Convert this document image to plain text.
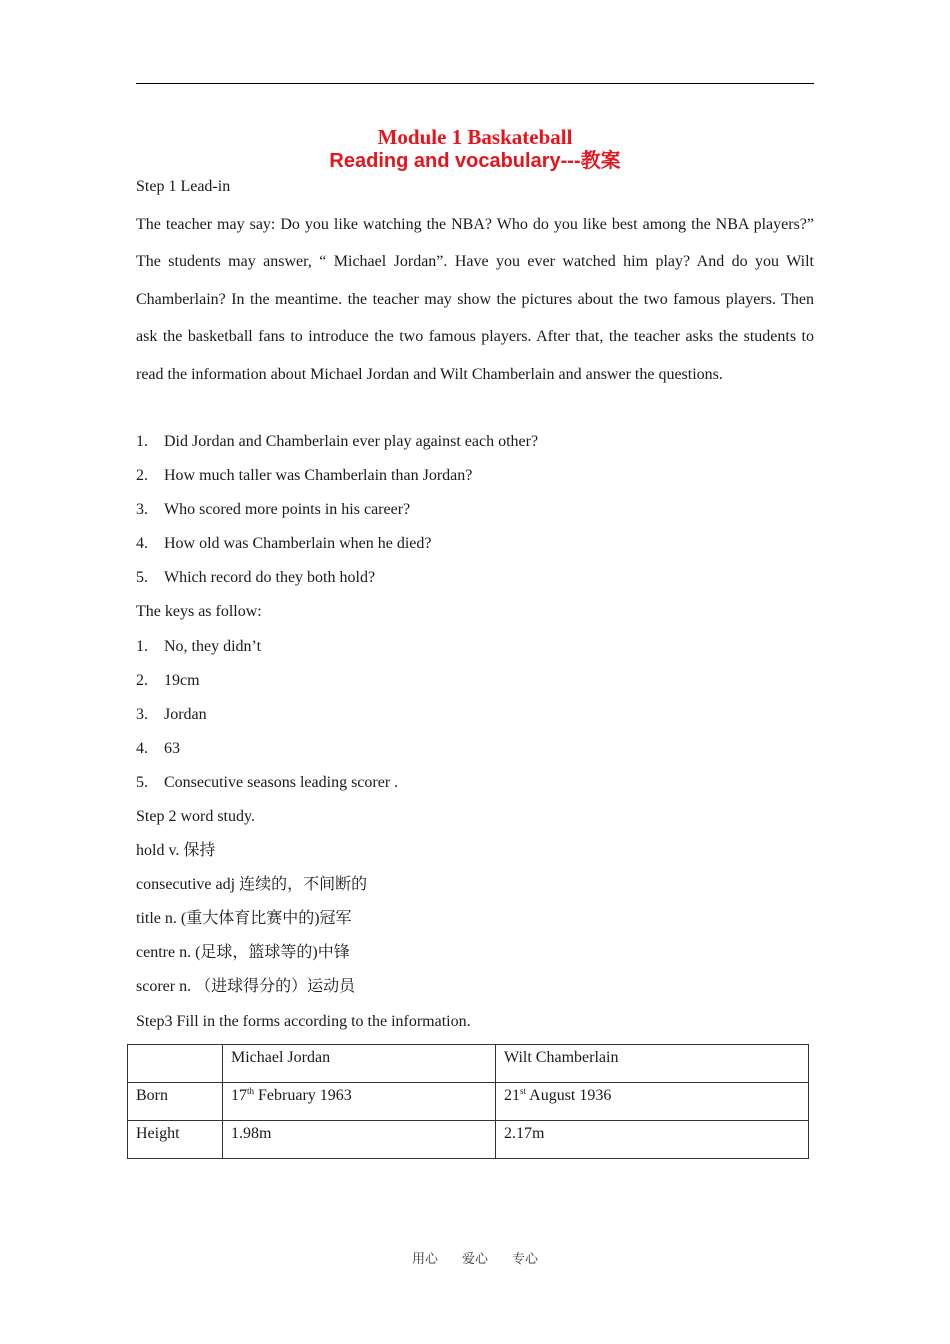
Module 1 Baskateball
Reading and vocabulary---教案
Step 1 Lead-in

The teacher may say: Do you like watching the NBA? Who do you like best among the NBA players?” The students may answer, “ Michael Jordan”. Have you ever watched him play? And do you Wilt Chamberlain? In the meantime. the teacher may show the pictures about the two famous players. Then ask the basketball fans to introduce the two famous players. After that, the teacher asks the students to read the information about Michael Jordan and Wilt Chamberlain and answer the questions.

1. Did Jordan and Chamberlain ever play against each other?
2. How much taller was Chamberlain than Jordan?
3. Who scored more points in his career?
4. How old was Chamberlain when he died?
5. Which record do they both hold?
The keys as follow:
1. No, they didn’t
2. 19cm
3. Jordan
4. 63
5. Consecutive seasons leading scorer .
Step 2 word study.
hold v. 保持
consecutive adj 连续的，不间断的
title n. (重大体育比赛中的)冠军
centre n. (足球，篮球等的)中锋
scorer n. （进球得分的）运动员
Step3 Fill in the forms according to the information.
	Michael Jordan	Wilt Chamberlain
Born	17th February 1963	21st August 1936
Height	1.98m	2.17m
用心 爱心 专心
